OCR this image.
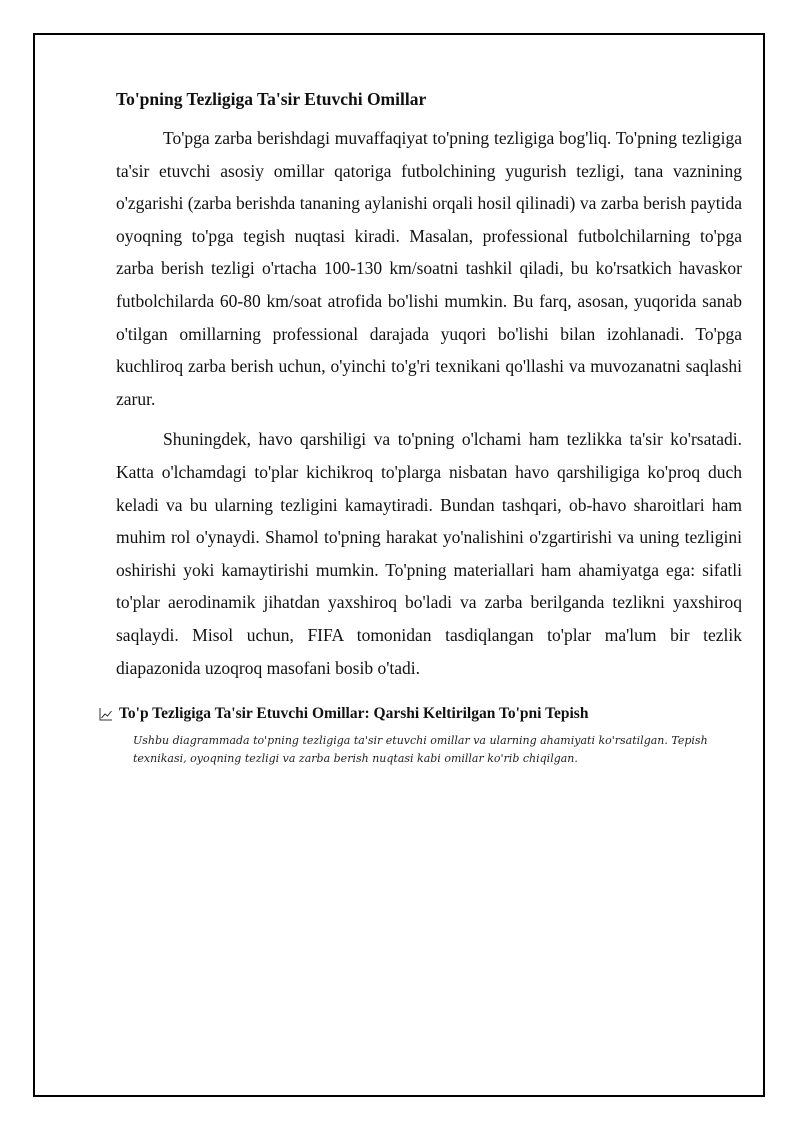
To'pning Tezligiga Ta'sir Etuvchi Omillar

To'pga zarba berishdagi muvaffaqiyat to'pning tezligiga bog'liq. To'pning tezligiga ta'sir etuvchi asosiy omillar qatoriga futbolchining yugurish tezligi, tana vaznining o'zgarishi (zarba berishda tananing aylanishi orqali hosil qilinadi) va zarba berish paytida oyoqning to'pga tegish nuqtasi kiradi. Masalan, professional futbolchilarning to'pga zarba berish tezligi o'rtacha 100-130 km/soatni tashkil qiladi, bu ko'rsatkich havaskor futbolchilarda 60-80 km/soat atrofida bo'lishi mumkin. Bu farq, asosan, yuqorida sanab o'tilgan omillarning professional darajada yuqori bo'lishi bilan izohlanadi. To'pga kuchliroq zarba berish uchun, o'yinchi to'g'ri texnikani qo'llashi va muvozanatni saqlashi zarur.

Shuningdek, havo qarshiligi va to'pning o'lchami ham tezlikka ta'sir ko'rsatadi. Katta o'lchamdagi to'plar kichikroq to'plarga nisbatan havo qarshiligiga ko'proq duch keladi va bu ularning tezligini kamaytiradi. Bundan tashqari, ob-havo sharoitlari ham muhim rol o'ynaydi. Shamol to'pning harakat yo'nalishini o'zgartirishi va uning tezligini oshirishi yoki kamaytirishi mumkin. To'pning materiallari ham ahamiyatga ega: sifatli to'plar aerodinamik jihatdan yaxshiroq bo'ladi va zarba berilganda tezlikni yaxshiroq saqlaydi. Misol uchun, FIFA tomonidan tasdiqlangan to'plar ma'lum bir tezlik diapazonida uzoqroq masofani bosib o'tadi.

To'p Tezligiga Ta'sir Etuvchi Omillar: Qarshi Keltirilgan To'pni Tepish
Ushbu diagrammada to'pning tezligiga ta'sir etuvchi omillar va ularning ahamiyati ko'rsatilgan. Tepish texnikasi, oyoqning tezligi va zarba berish nuqtasi kabi omillar ko'rib chiqilgan.
